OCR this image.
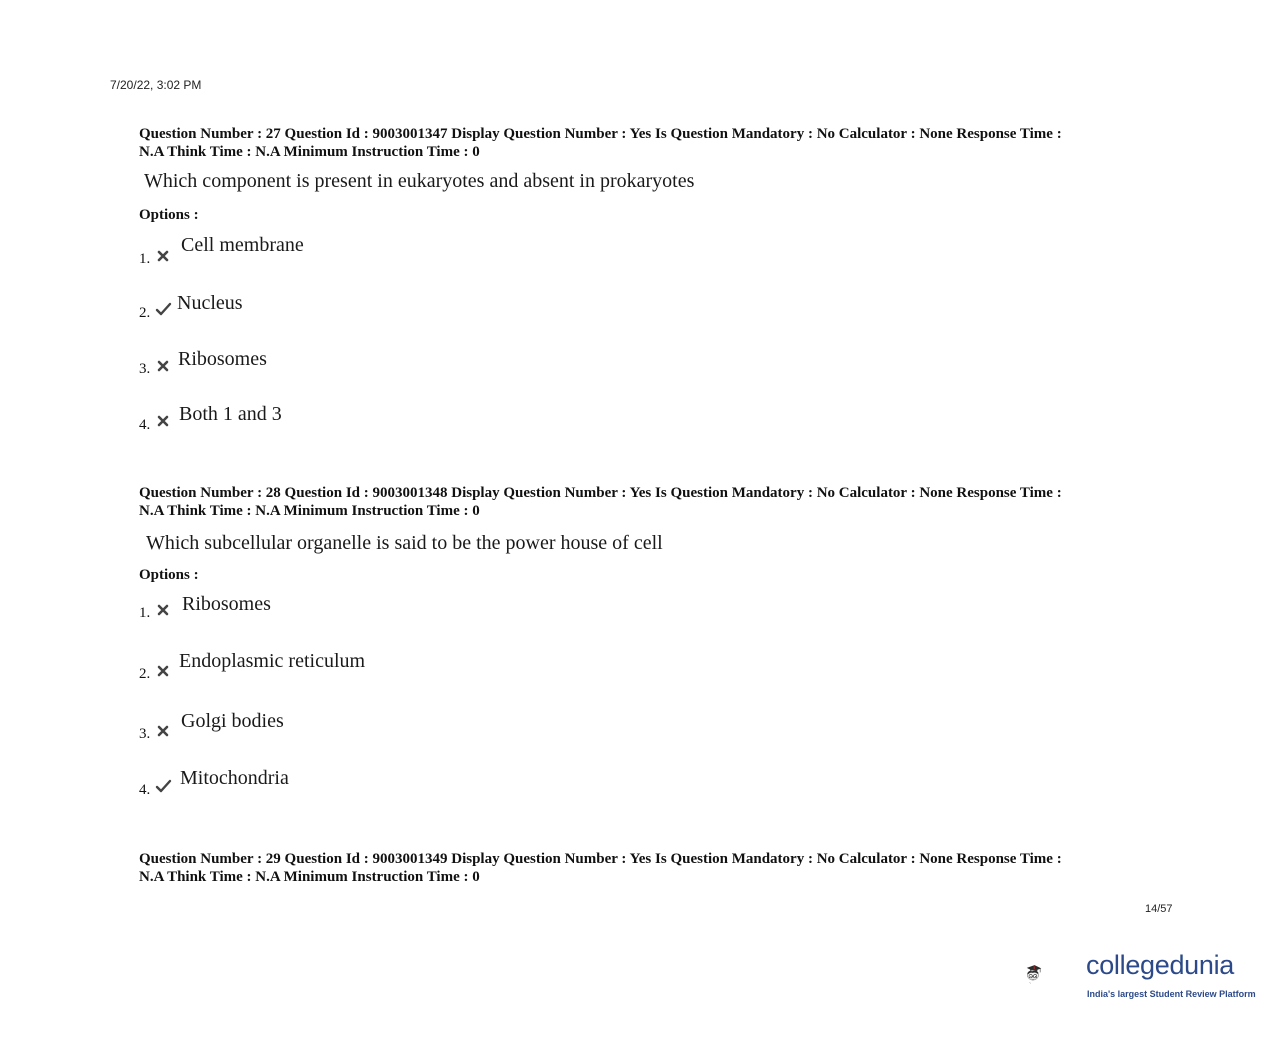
7/20/22, 3:02 PM
Question Number : 27 Question Id : 9003001347 Display Question Number : Yes Is Question Mandatory : No Calculator : None Response Time :
N.A Think Time : N.A Minimum Instruction Time : 0
Which component is present in eukaryotes and absent in prokaryotes
Options :
1.
Cell membrane
2. Nucleus
3. Ribosomes
4. Both 1 and 3
Question Number : 28 Question Id : 9003001348 Display Question Number : Yes Is Question Mandatory : No Calculator : None Response Time :
N.A Think Time : N.A Minimum Instruction Time : 0
Which subcellular organelle is said to be the power house of cell
Options :
1. Ribosomes
2.
Endoplasmic reticulum
3.
Golgi bodies
4.
Mitochondria
Question Number : 29 Question Id : 9003001349 Display Question Number : Yes Is Question Mandatory : No Calculator : None Response Time :
N.A Think Time : N.A Minimum Instruction Time : 0
14/57
collegedunia
India's largest Student Review Platform
